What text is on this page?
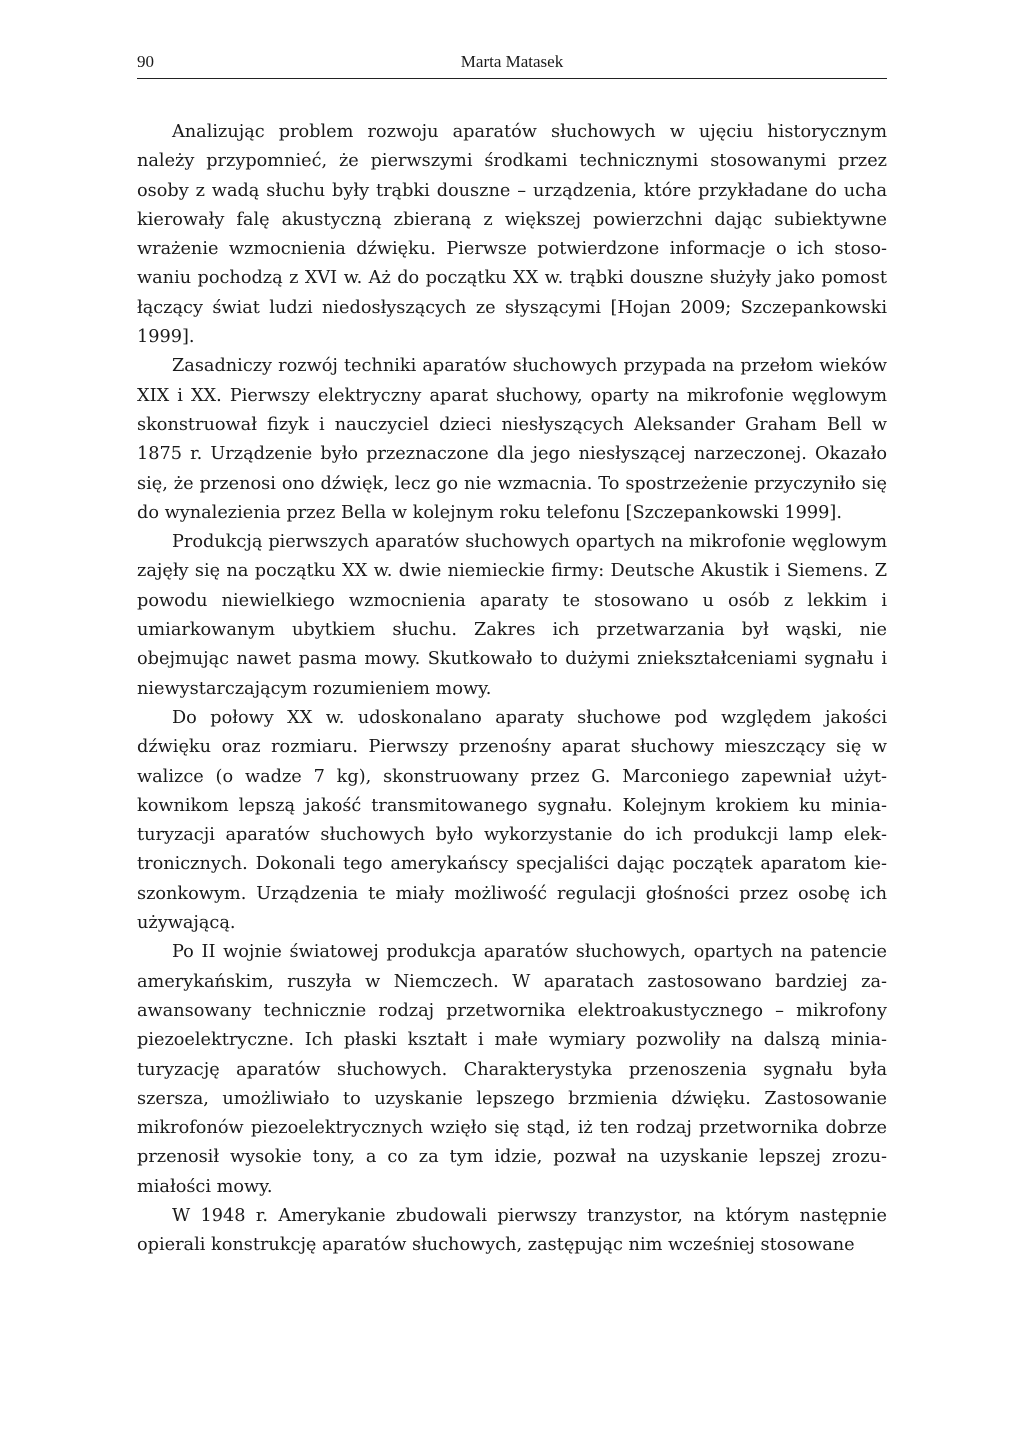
90	Marta Matasek

Analizując problem rozwoju aparatów słuchowych w ujęciu historycznym należy przypomnieć, że pierwszymi środkami technicznymi stosowanymi przez osoby z wadą słuchu były trąbki douszne – urządzenia, które przykładane do ucha kierowały falę akustyczną zbieraną z większej powierzchni dając subiektywne wrażenie wzmocnienia dźwięku. Pierwsze potwierdzone informacje o ich stosowaniu pochodzą z XVI w. Aż do początku XX w. trąbki douszne służyły jako pomost łączący świat ludzi niedosłyszących ze słyszącymi [Hojan 2009; Szczepankowski 1999].

Zasadniczy rozwój techniki aparatów słuchowych przypada na przełom wieków XIX i XX. Pierwszy elektryczny aparat słuchowy, oparty na mikrofonie węglowym skonstruował fizyk i nauczyciel dzieci niesłyszących Aleksander Graham Bell w 1875 r. Urządzenie było przeznaczone dla jego niesłyszącej narzeczonej. Okazało się, że przenosi ono dźwięk, lecz go nie wzmacnia. To spostrzeżenie przyczyniło się do wynalezienia przez Bella w kolejnym roku telefonu [Szczepankowski 1999].

Produkcją pierwszych aparatów słuchowych opartych na mikrofonie węglowym zajęły się na początku XX w. dwie niemieckie firmy: Deutsche Akustik i Siemens. Z powodu niewielkiego wzmocnienia aparaty te stosowano u osób z lekkim i umiarkowanym ubytkiem słuchu. Zakres ich przetwarzania był wąski, nie obejmując nawet pasma mowy. Skutkowało to dużymi zniekształceniami sygnału i niewystarczającym rozumieniem mowy.

Do połowy XX w. udoskonalano aparaty słuchowe pod względem jakości dźwięku oraz rozmiaru. Pierwszy przenośny aparat słuchowy mieszczący się w walizce (o wadze 7 kg), skonstruowany przez G. Marconiego zapewniał użytkownikom lepszą jakość transmitowanego sygnału. Kolejnym krokiem ku miniaturyzacji aparatów słuchowych było wykorzystanie do ich produkcji lamp elektronicznych. Dokonali tego amerykańscy specjaliści dając początek aparatom kieszonkowym. Urządzenia te miały możliwość regulacji głośności przez osobę ich używającą.

Po II wojnie światowej produkcja aparatów słuchowych, opartych na patencie amerykańskim, ruszyła w Niemczech. W aparatach zastosowano bardziej zaawansowany technicznie rodzaj przetwornika elektroakustycznego – mikrofony piezoelektryczne. Ich płaski kształt i małe wymiary pozwoliły na dalszą miniaturyzację aparatów słuchowych. Charakterystyka przenoszenia sygnału była szersza, umożliwiało to uzyskanie lepszego brzmienia dźwięku. Zastosowanie mikrofonów piezoelektrycznych wzięło się stąd, iż ten rodzaj przetwornika dobrze przenosił wysokie tony, a co za tym idzie, pozwał na uzyskanie lepszej zrozumiałości mowy.

W 1948 r. Amerykanie zbudowali pierwszy tranzystor, na którym następnie opierali konstrukcję aparatów słuchowych, zastępując nim wcześniej stosowane
